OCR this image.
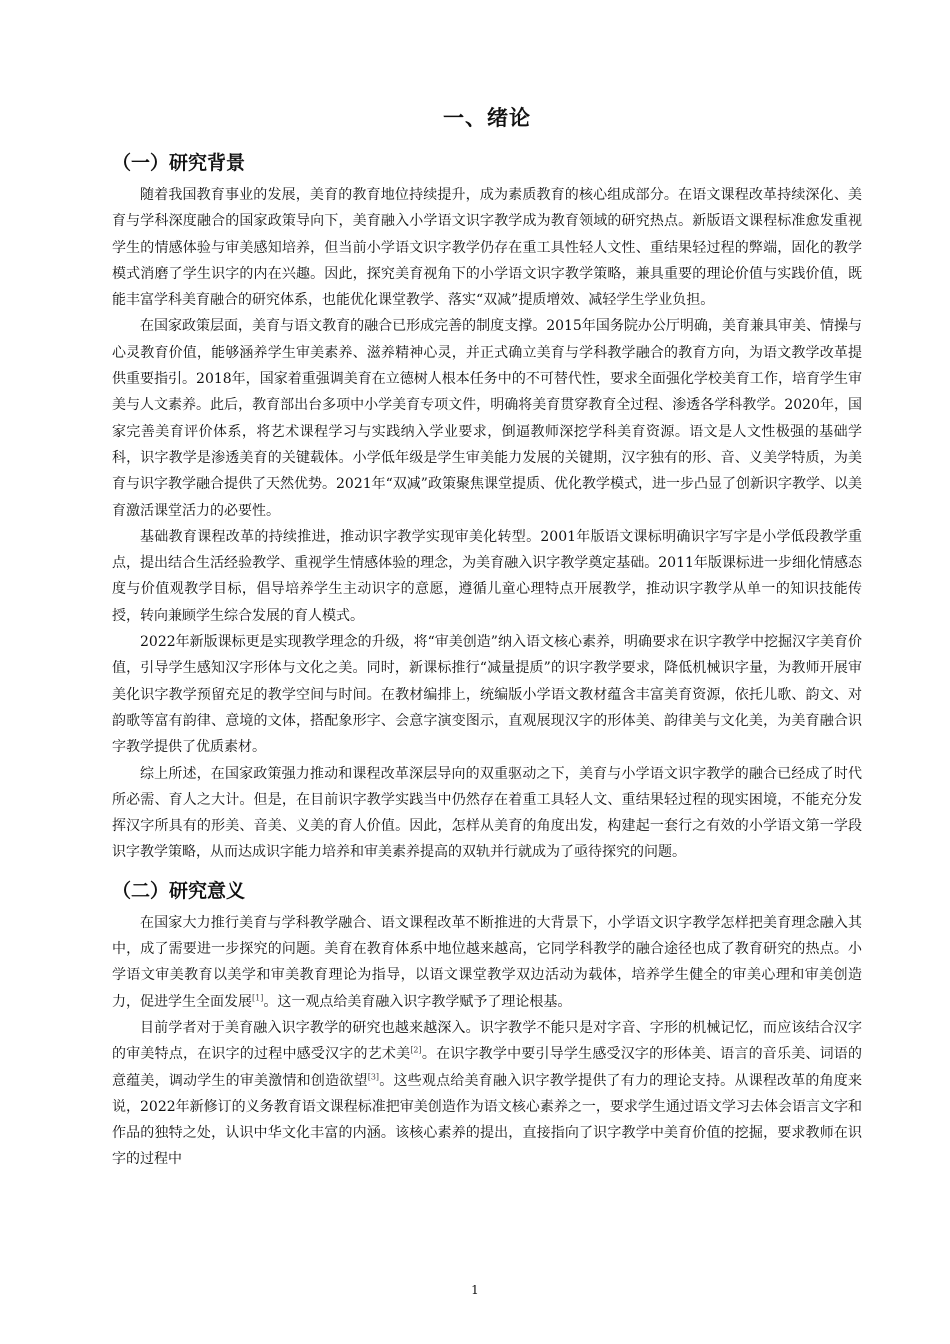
一、绪论
（一）研究背景

随着我国教育事业的发展，美育的教育地位持续提升，成为素质教育的核心组成部分。在语文课程改革持续深化、美育与学科深度融合的国家政策导向下，美育融入小学语文识字教学成为教育领域的研究热点。新版语文课程标准愈发重视学生的情感体验与审美感知培养，但当前小学语文识字教学仍存在重工具性轻人文性、重结果轻过程的弊端，固化的教学模式消磨了学生识字的内在兴趣。因此，探究美育视角下的小学语文识字教学策略，兼具重要的理论价值与实践价值，既能丰富学科美育融合的研究体系，也能优化课堂教学、落实“双减”提质增效、减轻学生学业负担。

在国家政策层面，美育与语文教育的融合已形成完善的制度支撑。2015年国务院办公厅明确，美育兼具审美、情操与心灵教育价值，能够涵养学生审美素养、滋养精神心灵，并正式确立美育与学科教学融合的教育方向，为语文教学改革提供重要指引。2018年，国家着重强调美育在立德树人根本任务中的不可替代性，要求全面强化学校美育工作，培育学生审美与人文素养。此后，教育部出台多项中小学美育专项文件，明确将美育贯穿教育全过程、渗透各学科教学。2020年，国家完善美育评价体系，将艺术课程学习与实践纳入学业要求，倒逼教师深挖学科美育资源。语文是人文性极强的基础学科，识字教学是渗透美育的关键载体。小学低年级是学生审美能力发展的关键期，汉字独有的形、音、义美学特质，为美育与识字教学融合提供了天然优势。2021年“双减”政策聚焦课堂提质、优化教学模式，进一步凸显了创新识字教学、以美育激活课堂活力的必要性。

基础教育课程改革的持续推进，推动识字教学实现审美化转型。2001年版语文课标明确识字写字是小学低段教学重点，提出结合生活经验教学、重视学生情感体验的理念，为美育融入识字教学奠定基础。2011年版课标进一步细化情感态度与价值观教学目标，倡导培养学生主动识字的意愿，遵循儿童心理特点开展教学，推动识字教学从单一的知识技能传授，转向兼顾学生综合发展的育人模式。

2022年新版课标更是实现教学理念的升级，将“审美创造”纳入语文核心素养，明确要求在识字教学中挖掘汉字美育价值，引导学生感知汉字形体与文化之美。同时，新课标推行“减量提质”的识字教学要求，降低机械识字量，为教师开展审美化识字教学预留充足的教学空间与时间。在教材编排上，统编版小学语文教材蕴含丰富美育资源，依托儿歌、韵文、对韵歌等富有韵律、意境的文体，搭配象形字、会意字演变图示，直观展现汉字的形体美、韵律美与文化美，为美育融合识字教学提供了优质素材。

综上所述，在国家政策强力推动和课程改革深层导向的双重驱动之下，美育与小学语文识字教学的融合已经成了时代所必需、育人之大计。但是，在目前识字教学实践当中仍然存在着重工具轻人文、重结果轻过程的现实困境，不能充分发挥汉字所具有的形美、音美、义美的育人价值。因此，怎样从美育的角度出发，构建起一套行之有效的小学语文第一学段识字教学策略，从而达成识字能力培养和审美素养提高的双轨并行就成为了亟待探究的问题。

（二）研究意义

在国家大力推行美育与学科教学融合、语文课程改革不断推进的大背景下，小学语文识字教学怎样把美育理念融入其中，成了需要进一步探究的问题。美育在教育体系中地位越来越高，它同学科教学的融合途径也成了教育研究的热点。小学语文审美教育以美学和审美教育理论为指导，以语文课堂教学双边活动为载体，培养学生健全的审美心理和审美创造力，促进学生全面发展[1]。这一观点给美育融入识字教学赋予了理论根基。

目前学者对于美育融入识字教学的研究也越来越深入。识字教学不能只是对字音、字形的机械记忆，而应该结合汉字的审美特点，在识字的过程中感受汉字的艺术美[2]。在识字教学中要引导学生感受汉字的形体美、语言的音乐美、词语的意蕴美，调动学生的审美激情和创造欲望[3]。这些观点给美育融入识字教学提供了有力的理论支持。从课程改革的角度来说，2022年新修订的义务教育语文课程标准把审美创造作为语文核心素养之一，要求学生通过语文学习去体会语言文字和作品的独特之处，认识中华文化丰富的内涵。该核心素养的提出，直接指向了识字教学中美育价值的挖掘，要求教师在识字的过程中

1
